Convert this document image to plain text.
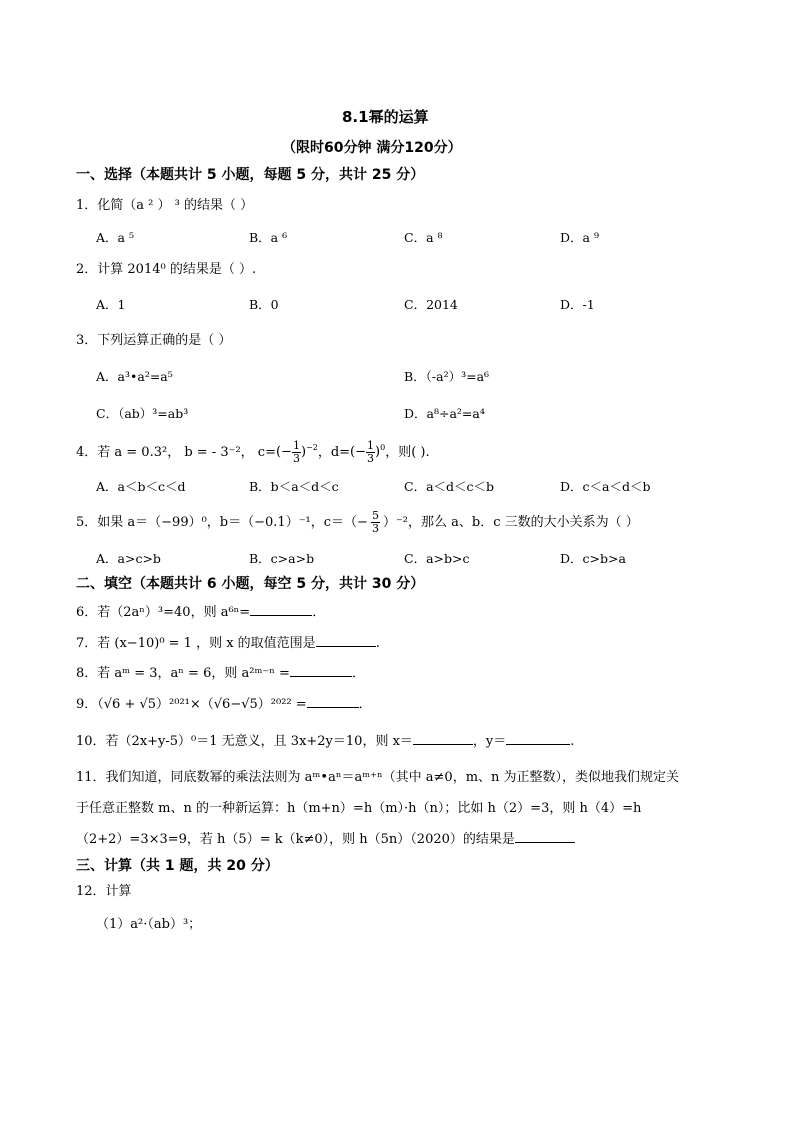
8.1幂的运算
（限时60分钟 满分120分）
一、选择（本题共计 5 小题，每题 5 分，共计 25 分）
1．化简（a ² ） ³ 的结果（ ）
A．a ⁵	B．a ⁶	C．a ⁸	D．a ⁹
2．计算 2014⁰ 的结果是（ ）.
A．1	B．0	C．2014	D．-1
3．下列运算正确的是（ ）
A．a³•a²=a⁵	B．（-a²）³=a⁶
C．（ab）³=ab³	D．a⁸÷a²=a⁴
4．若 a = 0.3²， b = - 3⁻²， c= (− $\frac{1}{3} )^{-2}$ ，d= (− $\frac{1}{3} )^0$ ，则( ).
A．a＜b＜c＜d	B．b＜a＜d＜c	C．a＜d＜c＜b	D．c＜a＜d＜b
5．如果 a＝（−99）⁰，b＝（−0.1）⁻¹，$c=(- \frac{5}{3} )^{-2}$，那么 a、b．c 三数的大小关系为（ ）
A．a>c>b	B．c>a>b	C．a>b>c	D．c>b>a
二、填空（本题共计 6 小题，每空 5 分，共计 30 分）
6．若（2aⁿ）³=40，则 a⁶ⁿ=	．
7．若 (x−10)⁰ = 1 ，则 x 的取值范围是	.
8．若 aᵐ = 3，aⁿ = 6，则 a²ᵐ⁻ⁿ =	．
9．（√6 + √5）²⁰²¹×（√6−√5）²⁰²² =	．
10．若（2x+y-5）⁰＝1 无意义，且 3x+2y＝10，则 x＝	，y＝	.
11．我们知道，同底数幂的乘法法则为 aᵐ•aⁿ＝aᵐ⁺ⁿ（其中 a≠0，m、n 为正整数），类似地我们规定关
于任意正整数 m、n 的一种新运算：h（m+n）=h（m）·h（n）；比如 h（2）=3，则 h（4）=h
（2+2）=3×3=9，若 h（5）= k（k≠0），则 h（5n）（2020）的结果是
三、计算（共 1 题，共 20 分）
12．计算
（1）a²·（ab）³；
